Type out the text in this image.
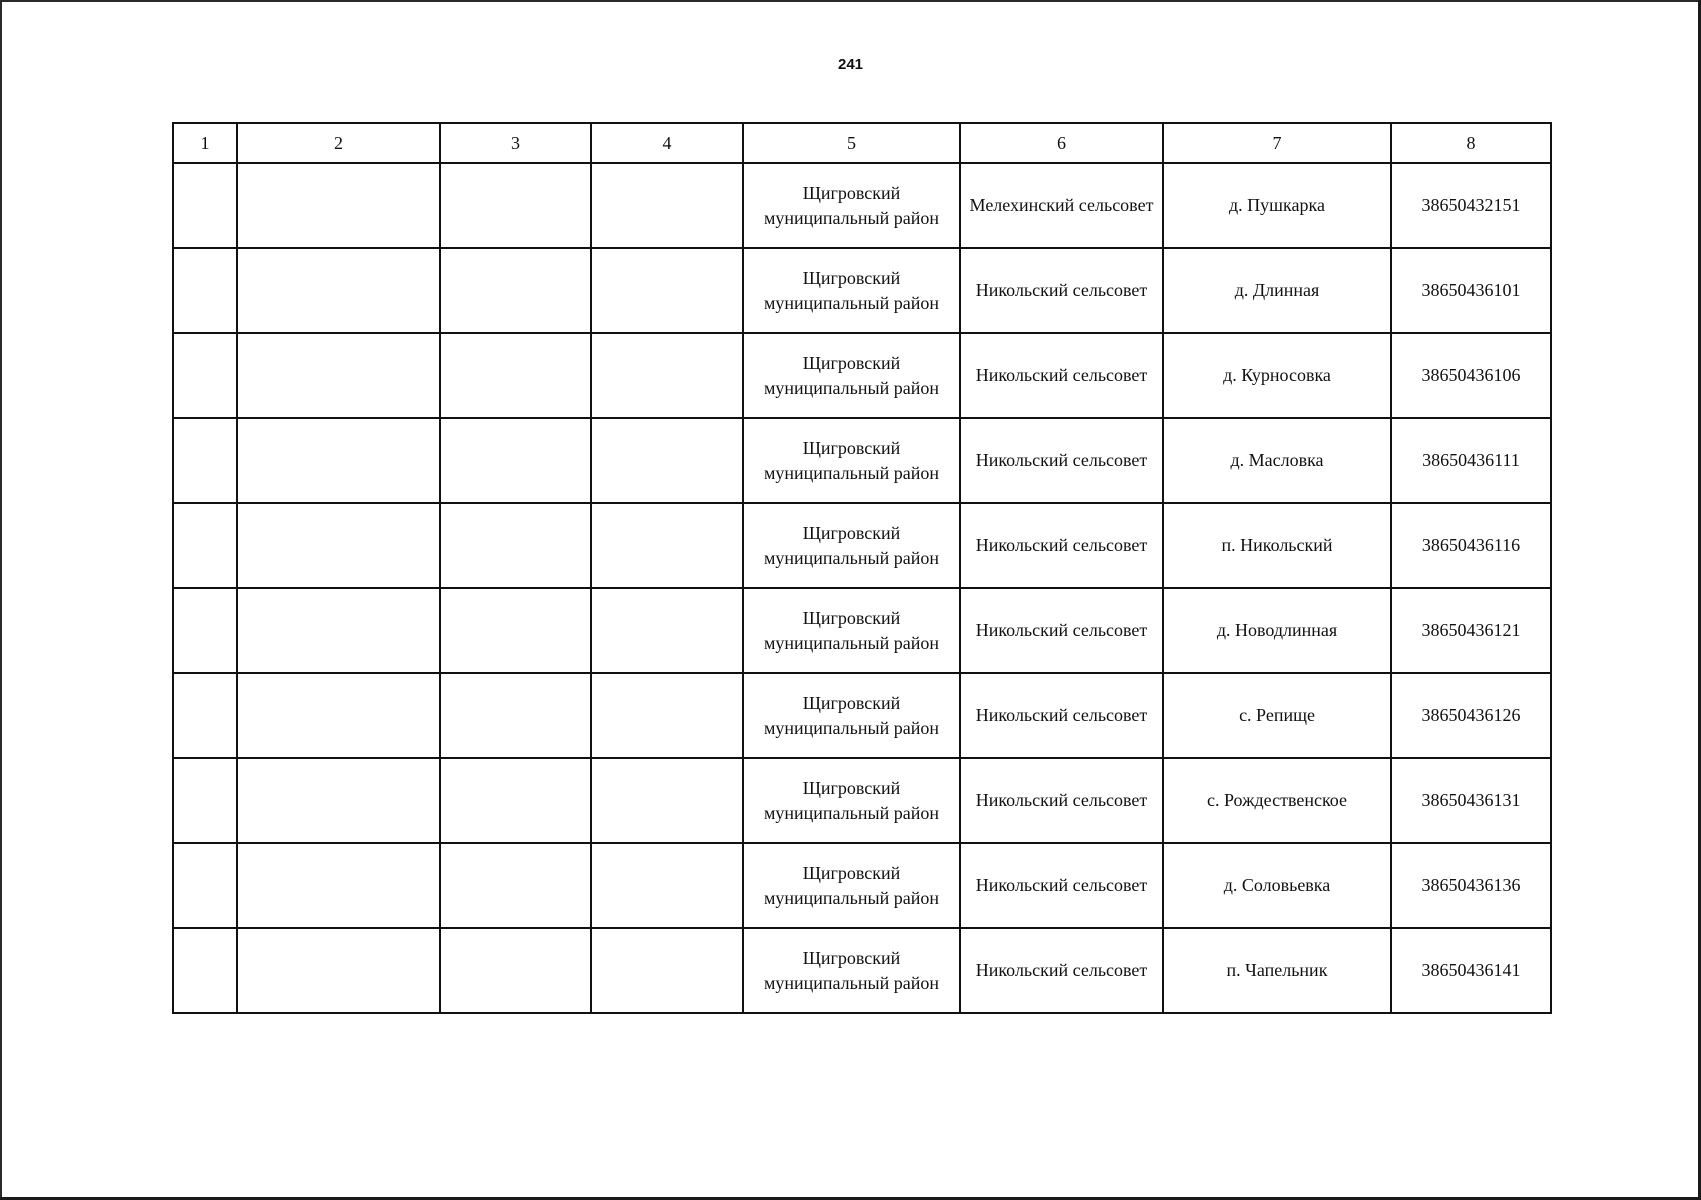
241
1	2	3	4	5	6	7	8
				Щигровский муниципальный район	Мелехинский сельсовет	д. Пушкарка	38650432151
				Щигровский муниципальный район	Никольский сельсовет	д. Длинная	38650436101
				Щигровский муниципальный район	Никольский сельсовет	д. Курносовка	38650436106
				Щигровский муниципальный район	Никольский сельсовет	д. Масловка	38650436111
				Щигровский муниципальный район	Никольский сельсовет	п. Никольский	38650436116
				Щигровский муниципальный район	Никольский сельсовет	д. Новодлинная	38650436121
				Щигровский муниципальный район	Никольский сельсовет	с. Репище	38650436126
				Щигровский муниципальный район	Никольский сельсовет	с. Рождественское	38650436131
				Щигровский муниципальный район	Никольский сельсовет	д. Соловьевка	38650436136
				Щигровский муниципальный район	Никольский сельсовет	п. Чапельник	38650436141
